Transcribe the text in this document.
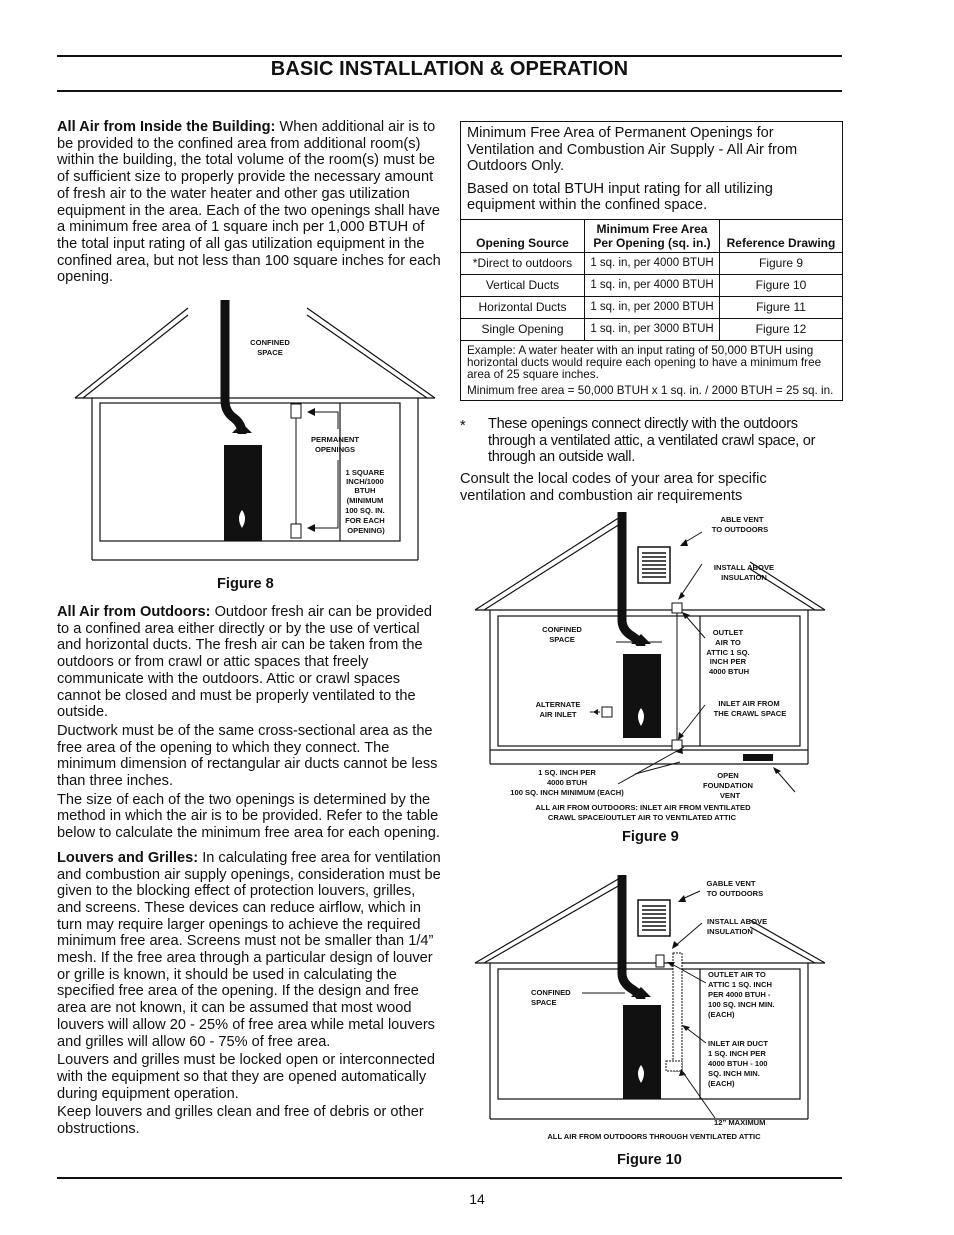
BASIC INSTALLATION & OPERATION

All Air from Inside the Building: When additional air is to be provided to the confined area from additional room(s) within the building, the total volume of the room(s) must be of sufficient size to properly provide the necessary amount of fresh air to the water heater and other gas utilization equipment in the area. Each of the two openings shall have a minimum free area of 1 square inch per 1,000 BTUH of the total input rating of all gas utilization equipment in the confined area, but not less than 100 square inches for each opening.

CONFINED SPACE
PERMANENT OPENINGS
1 SQUARE INCH/1000 BTUH (MINIMUM 100 SQ. IN. FOR EACH OPENING)
Figure 8

All Air from Outdoors: Outdoor fresh air can be provided to a confined area either directly or by the use of vertical and horizontal ducts. The fresh air can be taken from the outdoors or from crawl or attic spaces that freely communicate with the outdoors. Attic or crawl spaces cannot be closed and must be properly ventilated to the outside.

Ductwork must be of the same cross-sectional area as the free area of the opening to which they connect. The minimum dimension of rectangular air ducts cannot be less than three inches.

The size of each of the two openings is determined by the method in which the air is to be provided. Refer to the table below to calculate the minimum free area for each opening.

Louvers and Grilles: In calculating free area for ventilation and combustion air supply openings, consideration must be given to the blocking effect of protection louvers, grilles, and screens. These devices can reduce airflow, which in turn may require larger openings to achieve the required minimum free area. Screens must not be smaller than 1/4” mesh. If the free area through a particular design of louver or grille is known, it should be used in calculating the specified free area of the opening. If the design and free area are not known, it can be assumed that most wood louvers will allow 20 - 25% of free area while metal louvers and grilles will allow 60 - 75% of free area.

Louvers and grilles must be locked open or interconnected with the equipment so that they are opened automatically during equipment operation.

Keep louvers and grilles clean and free of debris or other obstructions.

Minimum Free Area of Permanent Openings for Ventilation and Combustion Air Supply - All Air from Outdoors Only.
Based on total BTUH input rating for all utilizing equipment within the confined space.		

Opening Source	Minimum Free Area Per Opening (sq. in.)	Reference Drawing
*Direct to outdoors	1 sq. in, per 4000 BTUH	Figure 9
Vertical Ducts	1 sq. in, per 4000 BTUH	Figure 10
Horizontal Ducts	1 sq. in, per 2000 BTUH	Figure 11
Single Opening	1 sq. in, per 3000 BTUH	Figure 12

Example: A water heater with an input rating of 50,000 BTUH using horizontal ducts would require each opening to have a minimum free area of 25 square inches.
Minimum free area = 50,000 BTUH x 1 sq. in. / 2000 BTUH = 25 sq. in.		
* These openings connect directly with the outdoors through a ventilated attic, a ventilated crawl space, or through an outside wall.
Consult the local codes of your area for specific ventilation and combustion air requirements
ABLE VENT TO OUTDOORS
INSTALL ABOVE INSULATION
CONFINED SPACE
OUTLET AIR TO ATTIC 1 SQ. INCH PER 4000 BTUH
ALTERNATE AIR INLET
INLET AIR FROM THE CRAWL SPACE
1 SQ. INCH PER 4000 BTUH 100 SQ. INCH MINIMUM (EACH)
OPEN FOUNDATION VENT
ALL AIR FROM OUTDOORS: INLET AIR FROM VENTILATED CRAWL SPACE/OUTLET AIR TO VENTILATED ATTIC
Figure 9
GABLE VENT TO OUTDOORS
INSTALL ABOVE INSULATION
CONFINED SPACE
OUTLET AIR TO ATTIC 1 SQ. INCH PER 4000 BTUH - 100 SQ. INCH MIN. (EACH)
INLET AIR DUCT 1 SQ. INCH PER 4000 BTUH - 100 SQ. INCH MIN. (EACH)
12” MAXIMUM
ALL AIR FROM OUTDOORS THROUGH VENTILATED ATTIC
Figure 10
14
